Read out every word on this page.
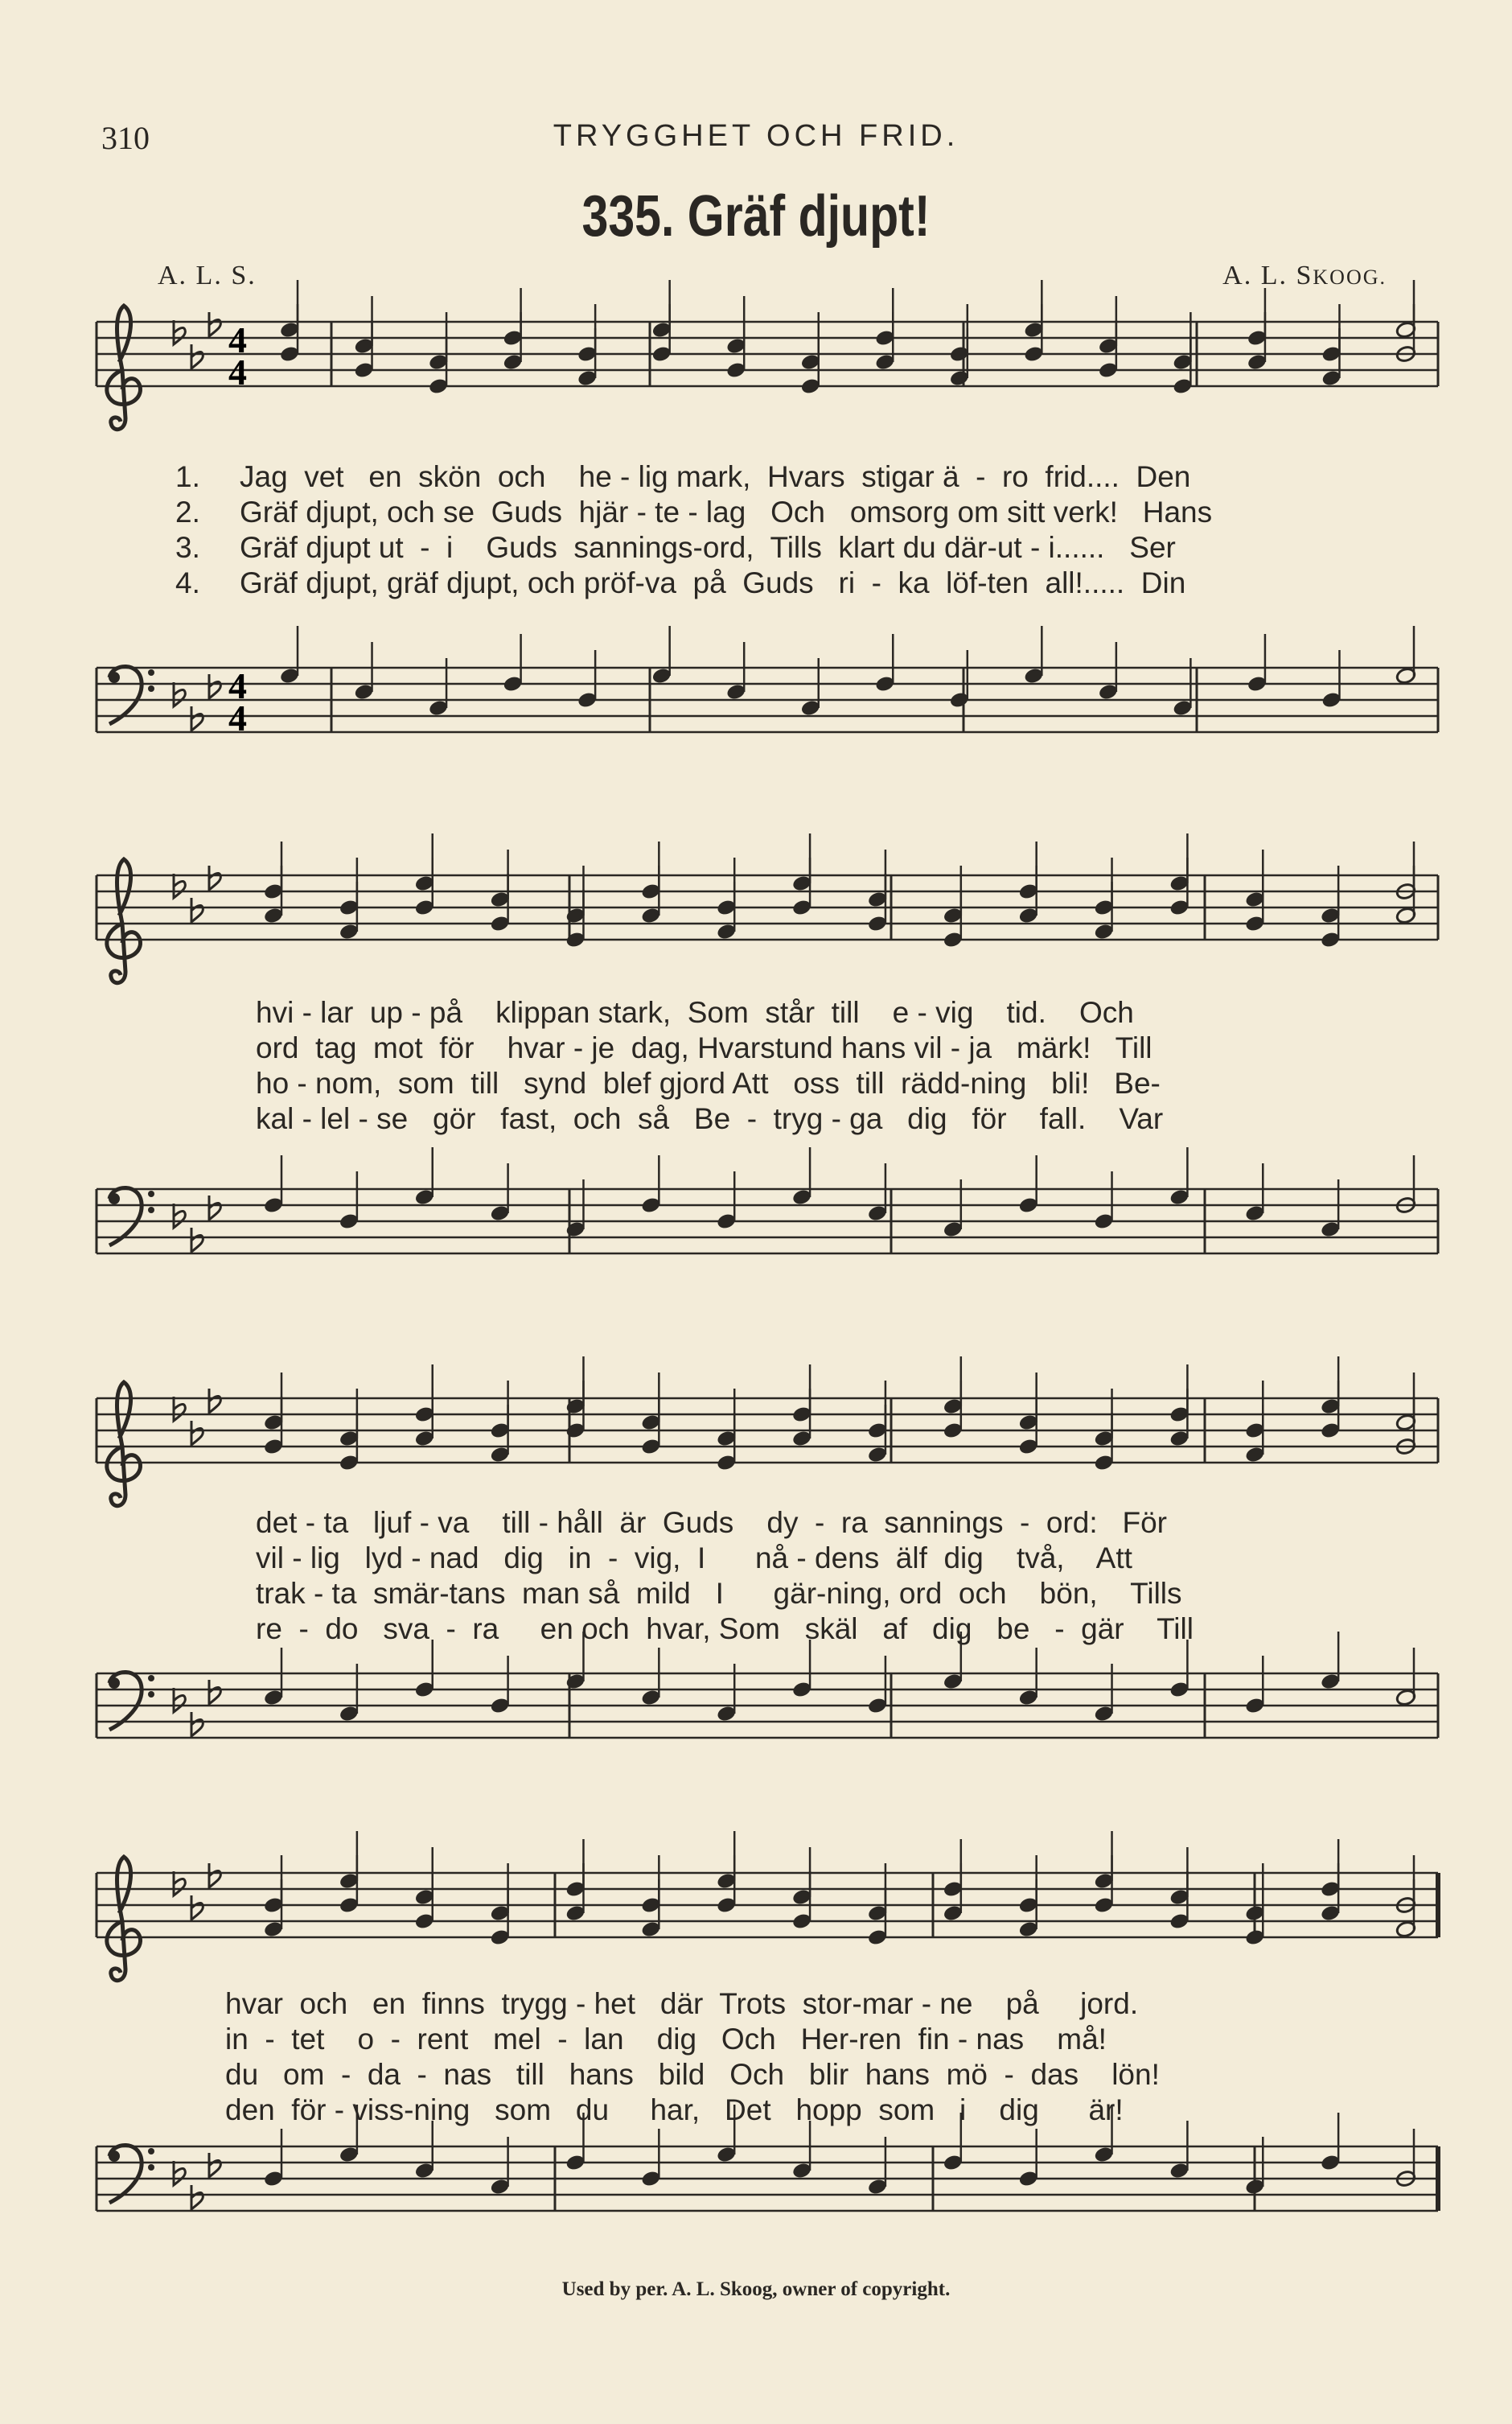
310	TRYGGHET OCH FRID.
335. Gräf djupt!
A. L. S.	A. L. SKOOG.
4
4
4
4
1. Jag  vet   en  skön  och    he - lig mark,  Hvars  stigar ä  -  ro  frid....  Den
2. Gräf djupt, och se  Guds  hjär - te - lag   Och   omsorg om sitt verk!   Hans
3. Gräf djupt ut  -  i    Guds  sannings-ord,  Tills  klart du där-ut - i......   Ser
4. Gräf djupt, gräf djupt, och pröf-va  på  Guds   ri  -  ka  löf-ten  all!.....  Din
hvi - lar  up - på    klippan stark,  Som  står  till    e - vig    tid.    Och
ord  tag  mot  för    hvar - je  dag, Hvarstund hans vil - ja   märk!   Till
ho - nom,  som  till   synd  blef gjord Att   oss  till  rädd-ning   bli!   Be-
kal - lel - se   gör   fast,  och  så   Be  -  tryg - ga   dig   för    fall.    Var
det - ta   ljuf - va    till - håll  är  Guds    dy  -  ra  sannings  -  ord:   För
vil - lig   lyd - nad   dig   in  -  vig,  I      nå - dens  älf  dig    två,    Att
trak - ta  smär-tans  man så  mild   I      gär-ning, ord  och    bön,    Tills
re  -  do   sva  -  ra     en och  hvar, Som   skäl   af   dig   be   -  gär    Till
hvar  och   en  finns  trygg - het   där  Trots  stor-mar - ne    på     jord.
in  -  tet    o  -  rent   mel  -  lan    dig   Och   Her-ren  fin - nas    må!
du   om  -  da  -  nas   till   hans   bild   Och   blir  hans  mö  -  das    lön!
den  för - viss-ning   som   du     har,   Det   hopp  som   i    dig      är!
Used by per. A. L. Skoog, owner of copyright.
